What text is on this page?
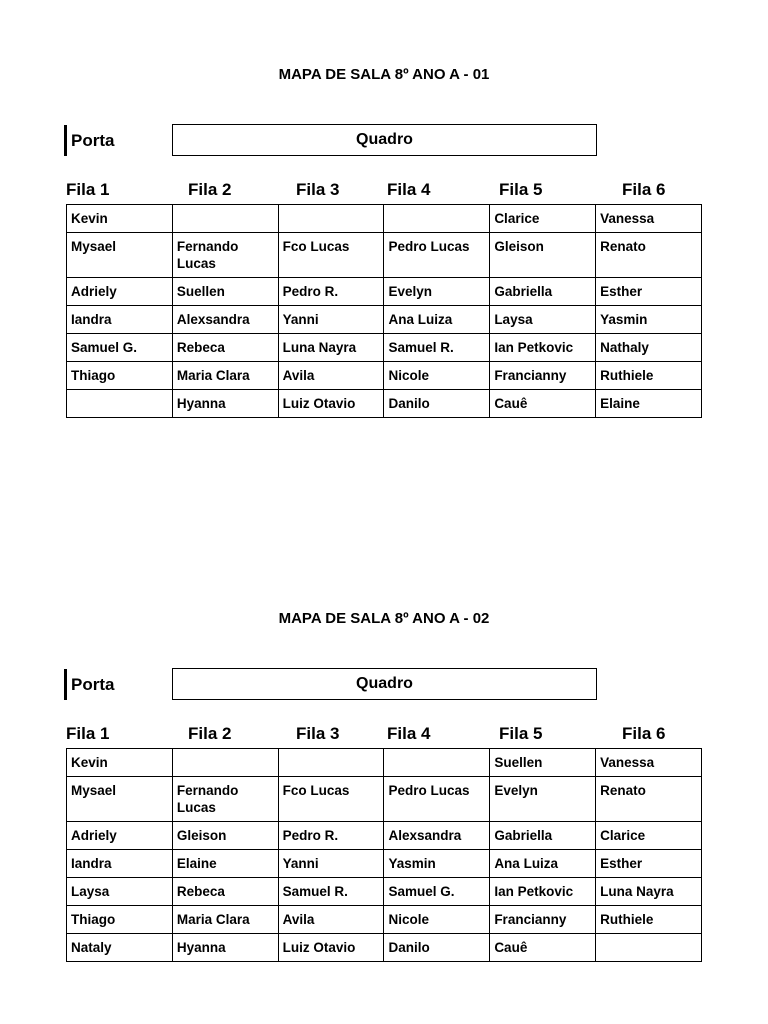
MAPA DE SALA 8º ANO A - 01
Porta	Quadro
Fila 1	Fila 2	Fila 3	Fila 4	Fila 5	Fila 6
Kevin				Clarice	Vanessa
Mysael	Fernando Lucas	Fco Lucas	Pedro Lucas	Gleison	Renato
Adriely	Suellen	Pedro R.	Evelyn	Gabriella	Esther
Iandra	Alexsandra	Yanni	Ana Luiza	Laysa	Yasmin
Samuel G.	Rebeca	Luna Nayra	Samuel R.	Ian Petkovic	Nathaly
Thiago	Maria Clara	Avila	Nicole	Francianny	Ruthiele
	Hyanna	Luiz Otavio	Danilo	Cauê	Elaine
MAPA DE SALA 8º ANO A - 02
Porta	Quadro
Fila 1	Fila 2	Fila 3	Fila 4	Fila 5	Fila 6
Kevin				Suellen	Vanessa
Mysael	Fernando Lucas	Fco Lucas	Pedro Lucas	Evelyn	Renato
Adriely	Gleison	Pedro R.	Alexsandra	Gabriella	Clarice
Iandra	Elaine	Yanni	Yasmin	Ana Luiza	Esther
Laysa	Rebeca	Samuel R.	Samuel G.	Ian Petkovic	Luna Nayra
Thiago	Maria Clara	Avila	Nicole	Francianny	Ruthiele
Nataly	Hyanna	Luiz Otavio	Danilo	Cauê	
